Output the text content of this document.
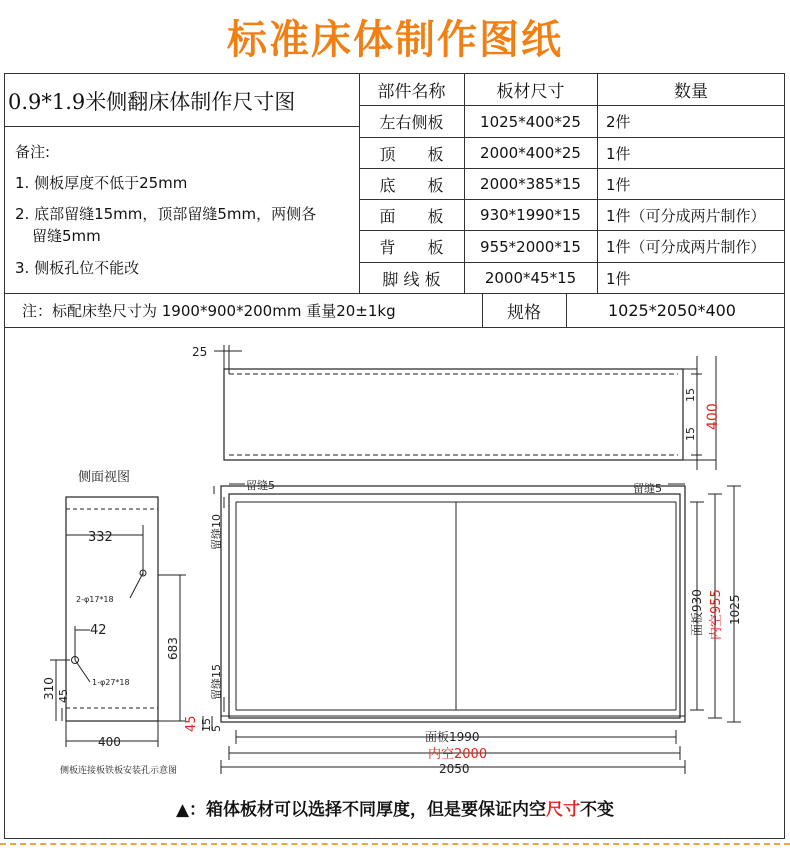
标准床体制作图纸
0.9*1.9米侧翻床体制作尺寸图
备注:
1. 侧板厚度不低于25mm
2. 底部留缝15mm，顶部留缝5mm，两侧各
留缝5mm
3. 侧板孔位不能改
部件名称	板材尺寸	数量
左右侧板	1025*400*25	2件
顶　　板	2000*400*25	1件
底　　板	2000*385*15	1件
面　　板	930*1990*15	1件（可分成两片制作）
背　　板	955*2000*15	1件（可分成两片制作）
脚 线 板	2000*45*15	1件
注：标配床垫尺寸为 1900*900*200mm 重量20±1kg	规格	1025*2050*400
25
15
15
400
留缝5	留缝5
留缝10
留缝15
45 15
5
面板930 内空955 1025
面板1990
内空2000
2050
侧面视图
332
2-φ17*18
42
1-φ27*18
310 45
683
400
侧板连接板铁板安装孔示意图
▲：箱体板材可以选择不同厚度，但是要保证内空尺寸不变
